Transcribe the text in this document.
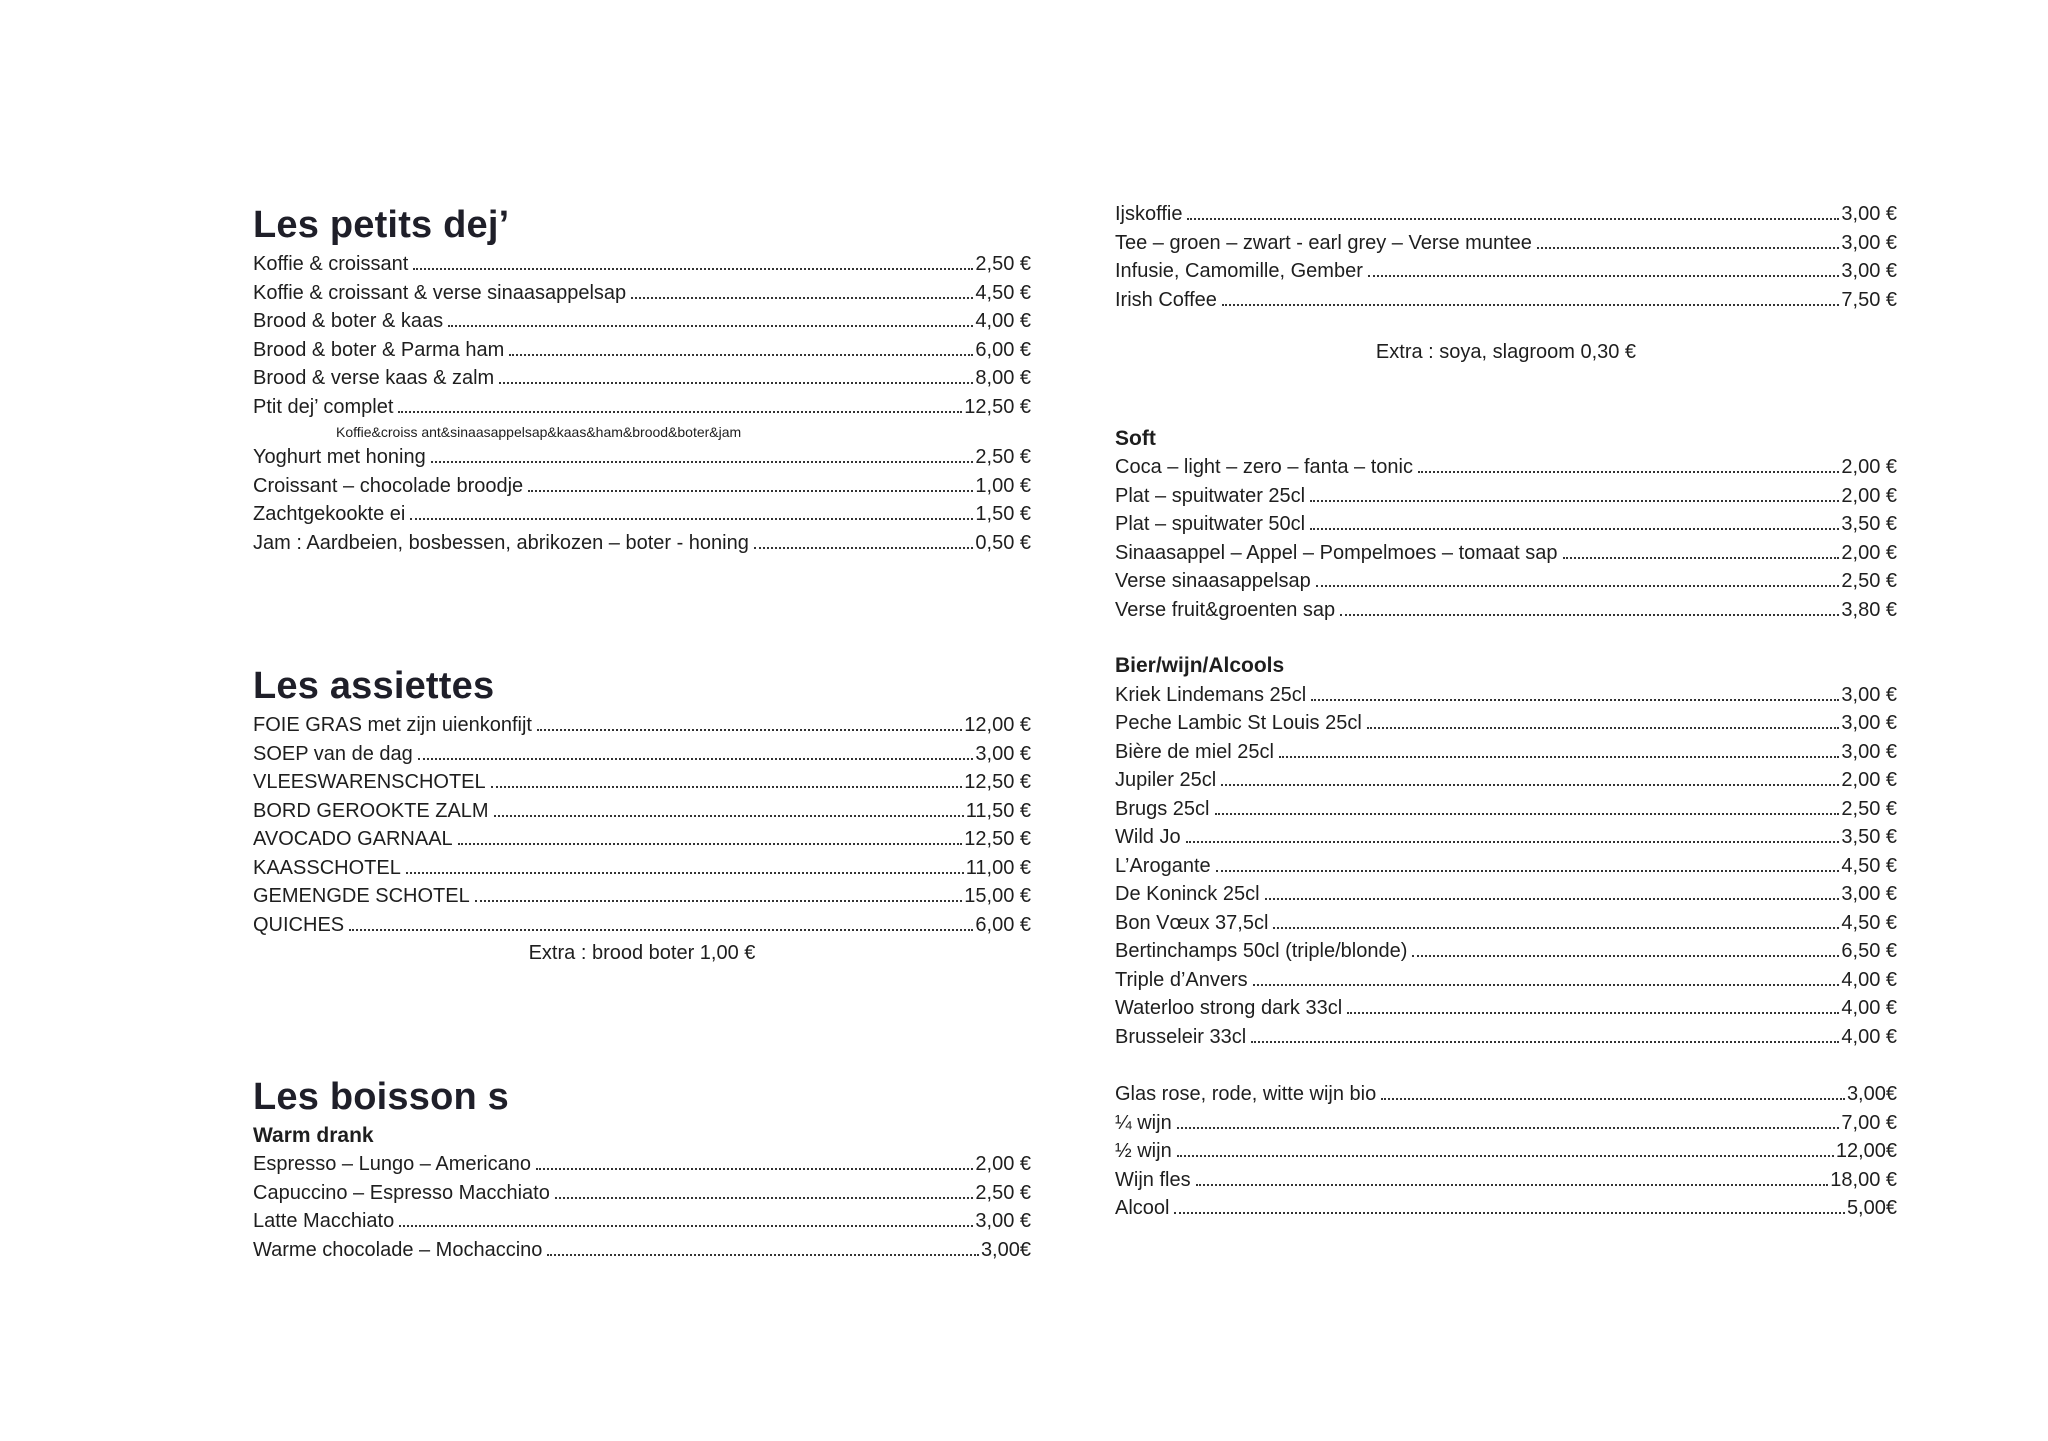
Les petits dej’
Koffie & croissant	2,50 €
Koffie & croissant & verse sinaasappelsap	4,50 €
Brood & boter & kaas	4,00 €
Brood & boter & Parma ham	6,00 €
Brood & verse kaas & zalm	8,00 €
Ptit dej’ complet	12,50 €
Koffie&croiss ant&sinaasappelsap&kaas&ham&brood&boter&jam
Yoghurt met honing	2,50 €
Croissant – chocolade broodje	1,00 €
Zachtgekookte ei	1,50 €
Jam : Aardbeien, bosbessen, abrikozen – boter - honing	0,50 €
Les assiettes
FOIE GRAS met zijn uienkonfijt	12,00 €
SOEP van de dag	3,00 €
VLEESWARENSCHOTEL	12,50 €
BORD GEROOKTE ZALM	11,50 €
AVOCADO GARNAAL	12,50 €
KAASSCHOTEL	11,00 €
GEMENGDE SCHOTEL	15,00 €
QUICHES	6,00 €
Extra : brood boter 1,00 €
Les boisson s
Warm drank
Espresso – Lungo – Americano	2,00 €
Capuccino – Espresso Macchiato	2,50 €
Latte Macchiato	3,00 €
Warme chocolade – Mochaccino	3,00€
Ijskoffie	3,00 €
Tee – groen – zwart - earl grey – Verse muntee	3,00 €
Infusie, Camomille, Gember	3,00 €
Irish Coffee	7,50 €
Extra : soya, slagroom 0,30 €
Soft
Coca – light – zero – fanta – tonic	2,00 €
Plat – spuitwater 25cl	2,00 €
Plat – spuitwater 50cl	3,50 €
Sinaasappel – Appel – Pompelmoes – tomaat sap	2,00 €
Verse sinaasappelsap	2,50 €
Verse fruit&groenten sap	3,80 €
Bier/wijn/Alcools
Kriek Lindemans 25cl	3,00 €
Peche Lambic St Louis 25cl	3,00 €
Bière de miel 25cl	3,00 €
Jupiler 25cl	2,00 €
Brugs 25cl	2,50 €
Wild Jo	3,50 €
L’Arogante	4,50 €
De Koninck 25cl	3,00 €
Bon Vœux 37,5cl	4,50 €
Bertinchamps 50cl (triple/blonde)	6,50 €
Triple d’Anvers	4,00 €
Waterloo strong dark 33cl	4,00 €
Brusseleir 33cl	4,00 €
Glas rose, rode, witte wijn bio	3,00€
¼ wijn	7,00 €
½ wijn	12,00€
Wijn fles	18,00 €
Alcool	5,00€
